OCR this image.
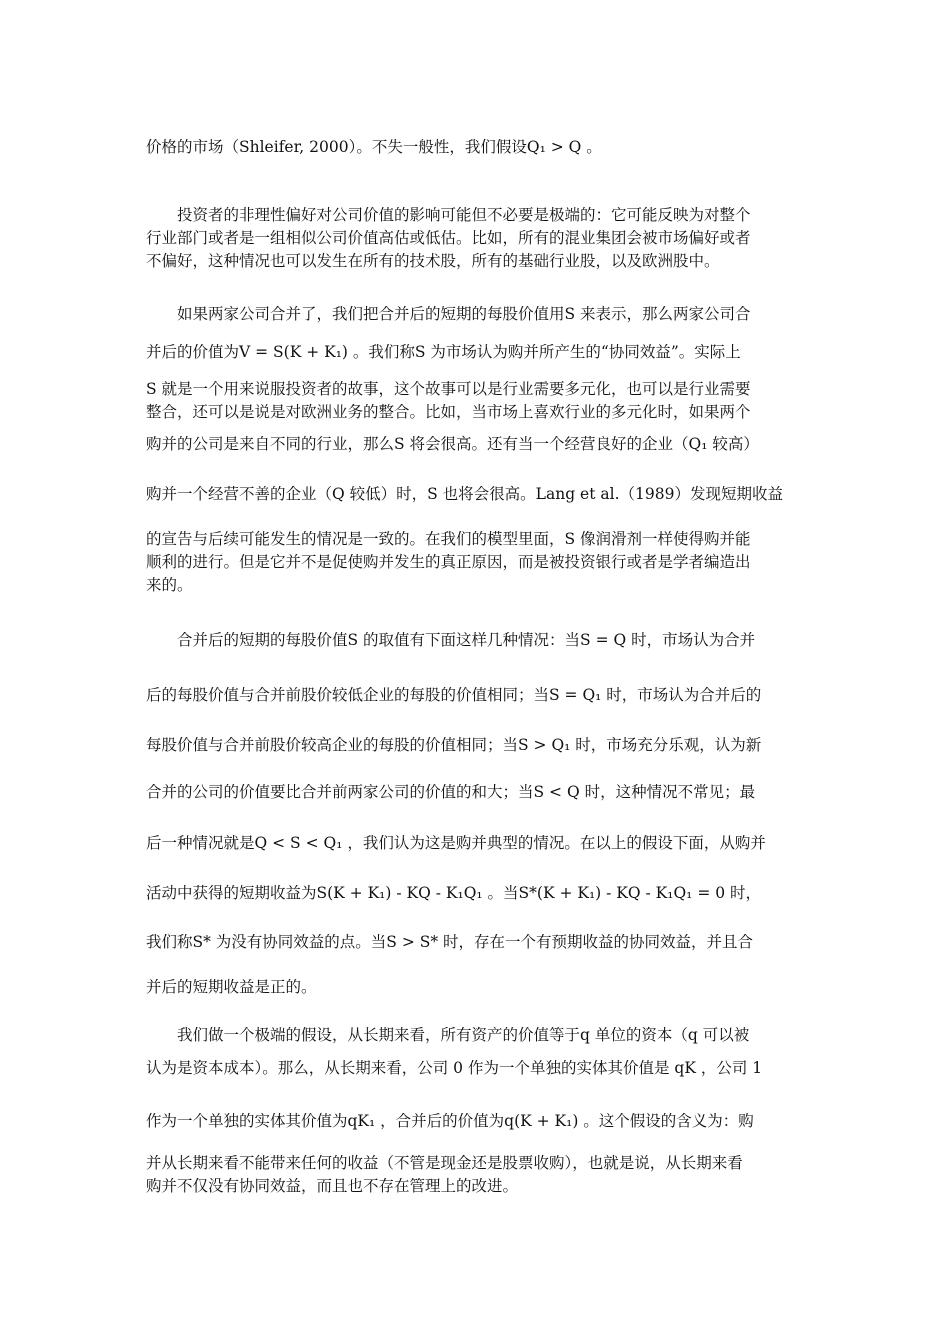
价格的市场（Shleifer, 2000）。不失一般性，我们假设Q₁ > Q 。
投资者的非理性偏好对公司价值的影响可能但不必要是极端的：它可能反映为对整个
行业部门或者是一组相似公司价值高估或低估。比如，所有的混业集团会被市场偏好或者
不偏好，这种情况也可以发生在所有的技术股，所有的基础行业股，以及欧洲股中。
如果两家公司合并了，我们把合并后的短期的每股价值用S 来表示，那么两家公司合
并后的价值为V = S(K + K₁) 。我们称S 为市场认为购并所产生的“协同效益”。实际上
S 就是一个用来说服投资者的故事，这个故事可以是行业需要多元化，也可以是行业需要
整合，还可以是说是对欧洲业务的整合。比如，当市场上喜欢行业的多元化时，如果两个
购并的公司是来自不同的行业，那么S 将会很高。还有当一个经营良好的企业（Q₁ 较高）
购并一个经营不善的企业（Q 较低）时，S 也将会很高。Lang et al.（1989）发现短期收益
的宣告与后续可能发生的情况是一致的。在我们的模型里面，S 像润滑剂一样使得购并能
顺利的进行。但是它并不是促使购并发生的真正原因，而是被投资银行或者是学者编造出
来的。
合并后的短期的每股价值S 的取值有下面这样几种情况：当S = Q 时，市场认为合并
后的每股价值与合并前股价较低企业的每股的价值相同；当S = Q₁ 时，市场认为合并后的
每股价值与合并前股价较高企业的每股的价值相同；当S > Q₁ 时，市场充分乐观，认为新
合并的公司的价值要比合并前两家公司的价值的和大；当S < Q 时，这种情况不常见；最
后一种情况就是Q < S < Q₁ ，我们认为这是购并典型的情况。在以上的假设下面，从购并
活动中获得的短期收益为S(K + K₁) - KQ - K₁Q₁ 。当S*(K + K₁) - KQ - K₁Q₁ = 0 时，
我们称S* 为没有协同效益的点。当S > S* 时，存在一个有预期收益的协同效益，并且合
并后的短期收益是正的。
我们做一个极端的假设，从长期来看，所有资产的价值等于q 单位的资本（q 可以被
认为是资本成本）。那么，从长期来看，公司 0 作为一个单独的实体其价值是 qK ，公司 1
作为一个单独的实体其价值为qK₁ ，合并后的价值为q(K + K₁) 。这个假设的含义为：购
并从长期来看不能带来任何的收益（不管是现金还是股票收购），也就是说，从长期来看
购并不仅没有协同效益，而且也不存在管理上的改进。
